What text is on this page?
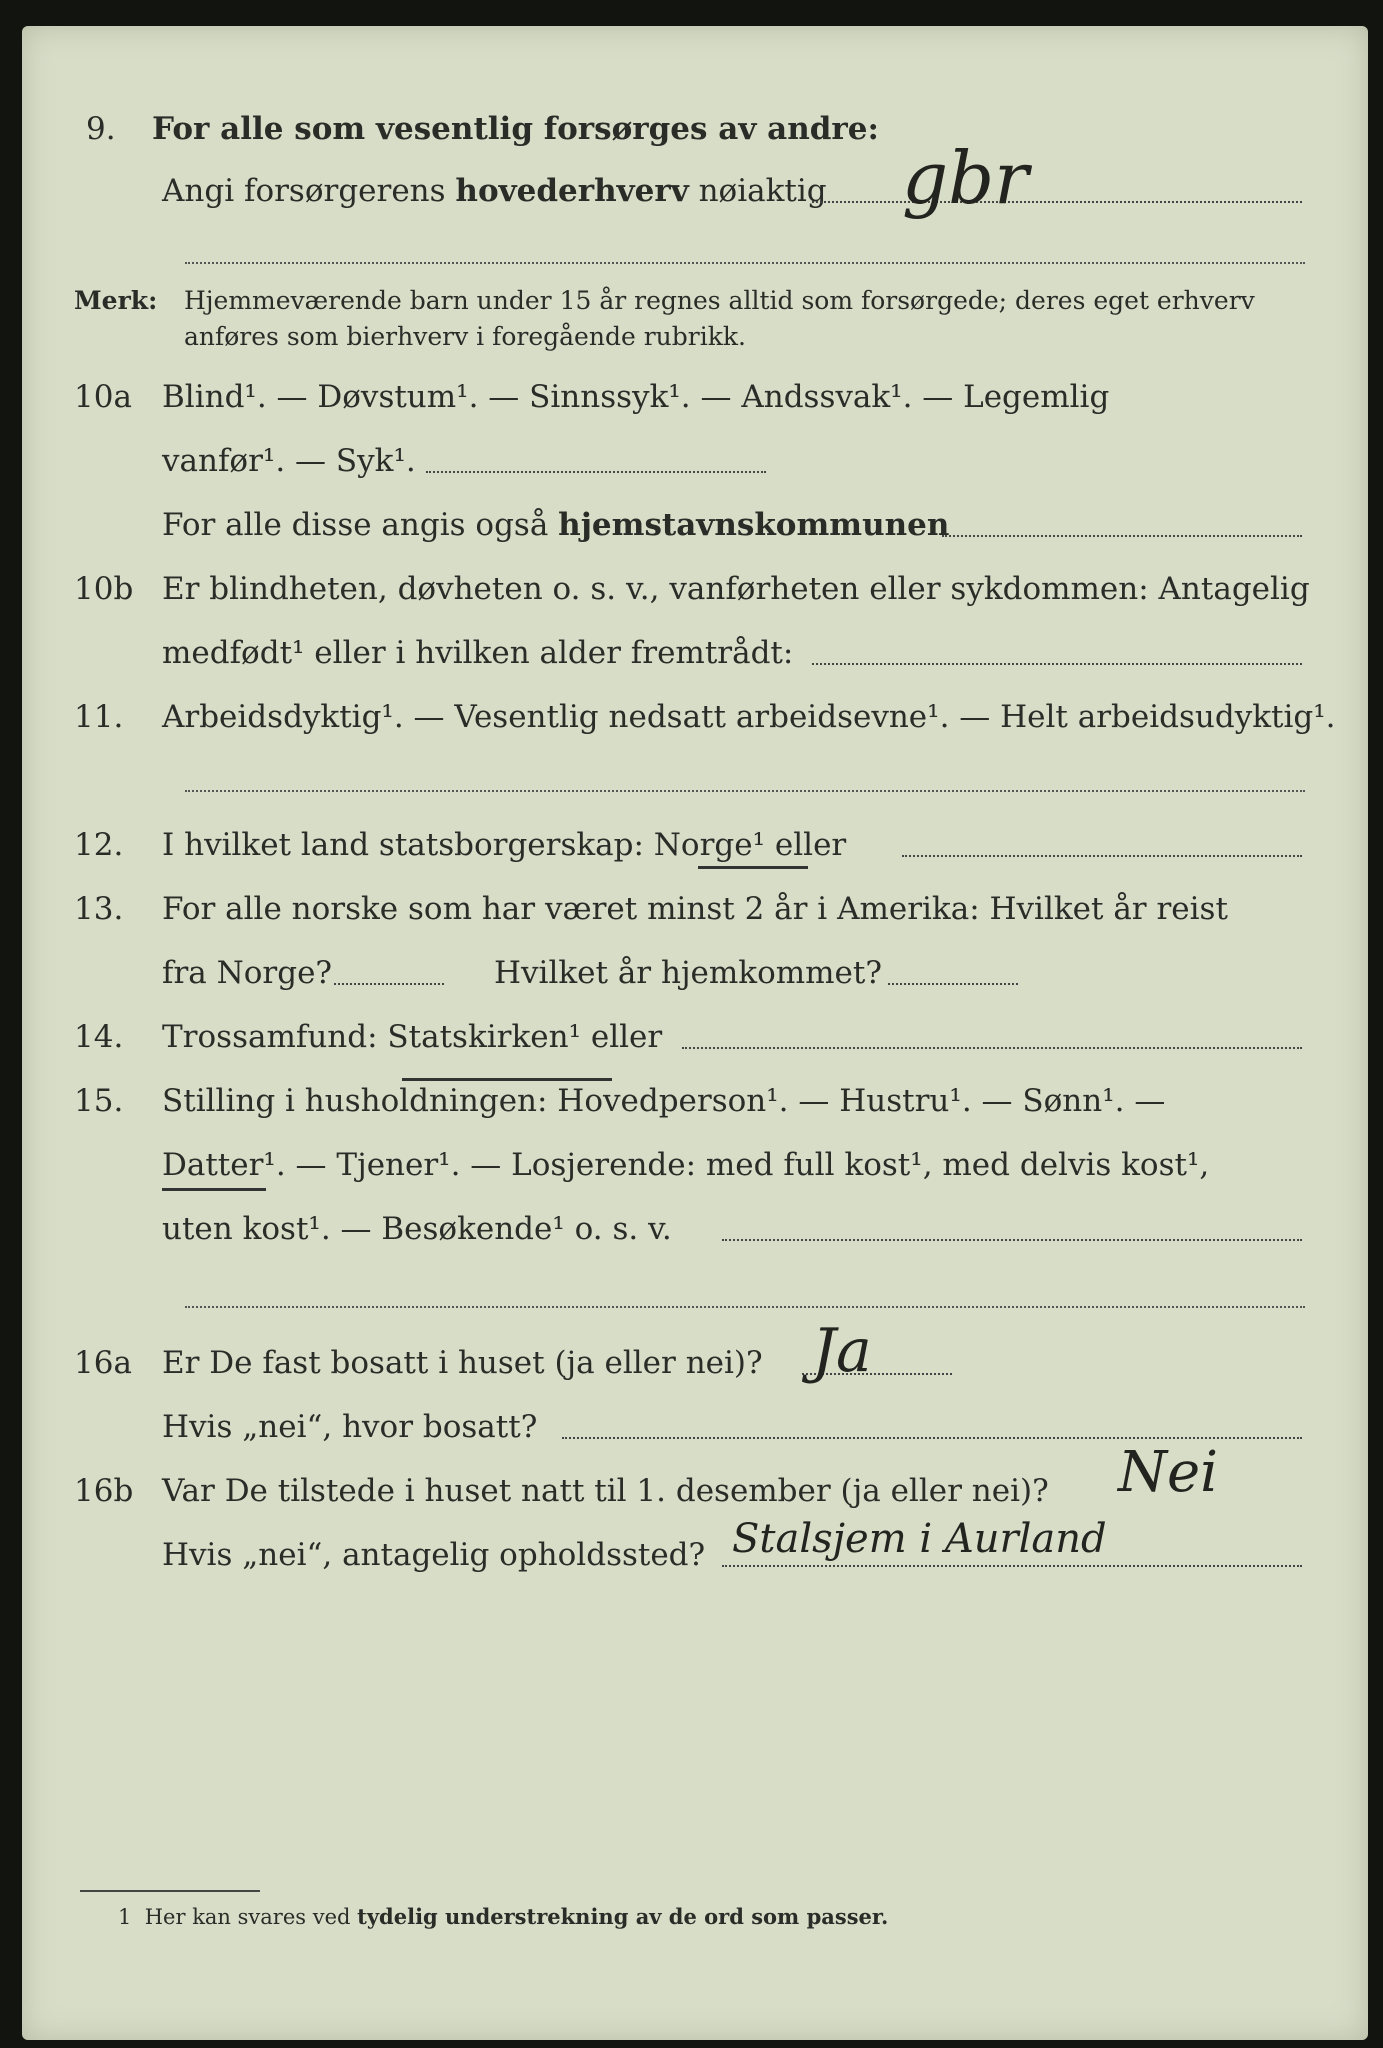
9. For alle som vesentlig forsørges av andre:
Angi forsørgerens hovederhverv nøiaktig gbr
Merk: Hjemmeværende barn under 15 år regnes alltid som forsørgede; deres eget erhverv
anføres som bierhverv i foregående rubrikk.
10a Blind¹. — Døvstum¹. — Sinnssyk¹. — Andssvak¹. — Legemlig
vanfør¹. — Syk¹.
For alle disse angis også hjemstavnskommunen
10b Er blindheten, døvheten o. s. v., vanførheten eller sykdommen: Antagelig
medfødt¹ eller i hvilken alder fremtrådt:
11. Arbeidsdyktig¹. — Vesentlig nedsatt arbeidsevne¹. — Helt arbeidsudyktig¹.
12. I hvilket land statsborgerskap: Norge¹ eller
13. For alle norske som har været minst 2 år i Amerika: Hvilket år reist
fra Norge?	Hvilket år hjemkommet?
14. Trossamfund: Statskirken¹ eller
15. Stilling i husholdningen: Hovedperson¹. — Hustru¹. — Sønn¹. —
Datter¹. — Tjener¹. — Losjerende: med full kost¹, med delvis kost¹,
uten kost¹. — Besøkende¹ o. s. v.
16a Er De fast bosatt i huset (ja eller nei)? Ja
Hvis „nei“, hvor bosatt?
16b Var De tilstede i huset natt til 1. desember (ja eller nei)? Nei
Hvis „nei“, antagelig opholdssted? Stalsjem i Aurland
1 Her kan svares ved tydelig understrekning av de ord som passer.
